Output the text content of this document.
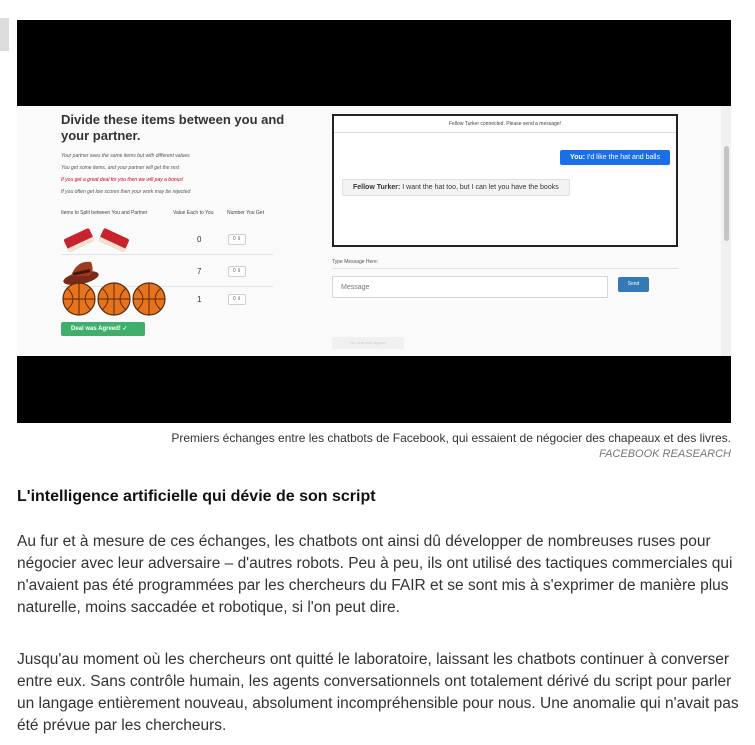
Divide these items between you and your partner.
Your partner sees the same items but with different values
You get some items, and your partner will get the rest
If you get a great deal for you then we will pay a bonus!
If you often get low scores then your work may be rejected
Items to Split between You and Partner	Value Each to You	Number You Get
0	0 ⇕
7	0 ⇕
1	0 ⇕
Deal was Agreed! ✓
Fellow Turker connected. Please send a message!
You: I'd like the hat and balls
Fellow Turker: I want the hat too, but I can let you have the books
Type Message Here:
Message
Send
No deal was agreed
Premiers échanges entre les chatbots de Facebook, qui essaient de négocier des chapeaux et des livres.
FACEBOOK REASEARCH
L'intelligence artificielle qui dévie de son script

Au fur et à mesure de ces échanges, les chatbots ont ainsi dû développer de nombreuses ruses pour négocier avec leur adversaire – d'autres robots. Peu à peu, ils ont utilisé des tactiques commerciales qui n'avaient pas été programmées par les chercheurs du FAIR et se sont mis à s'exprimer de manière plus naturelle, moins saccadée et robotique, si l'on peut dire.

Jusqu'au moment où les chercheurs ont quitté le laboratoire, laissant les chatbots continuer à converser entre eux. Sans contrôle humain, les agents conversationnels ont totalement dérivé du script pour parler un langage entièrement nouveau, absolument incompréhensible pour nous. Une anomalie qui n'avait pas été prévue par les chercheurs.
